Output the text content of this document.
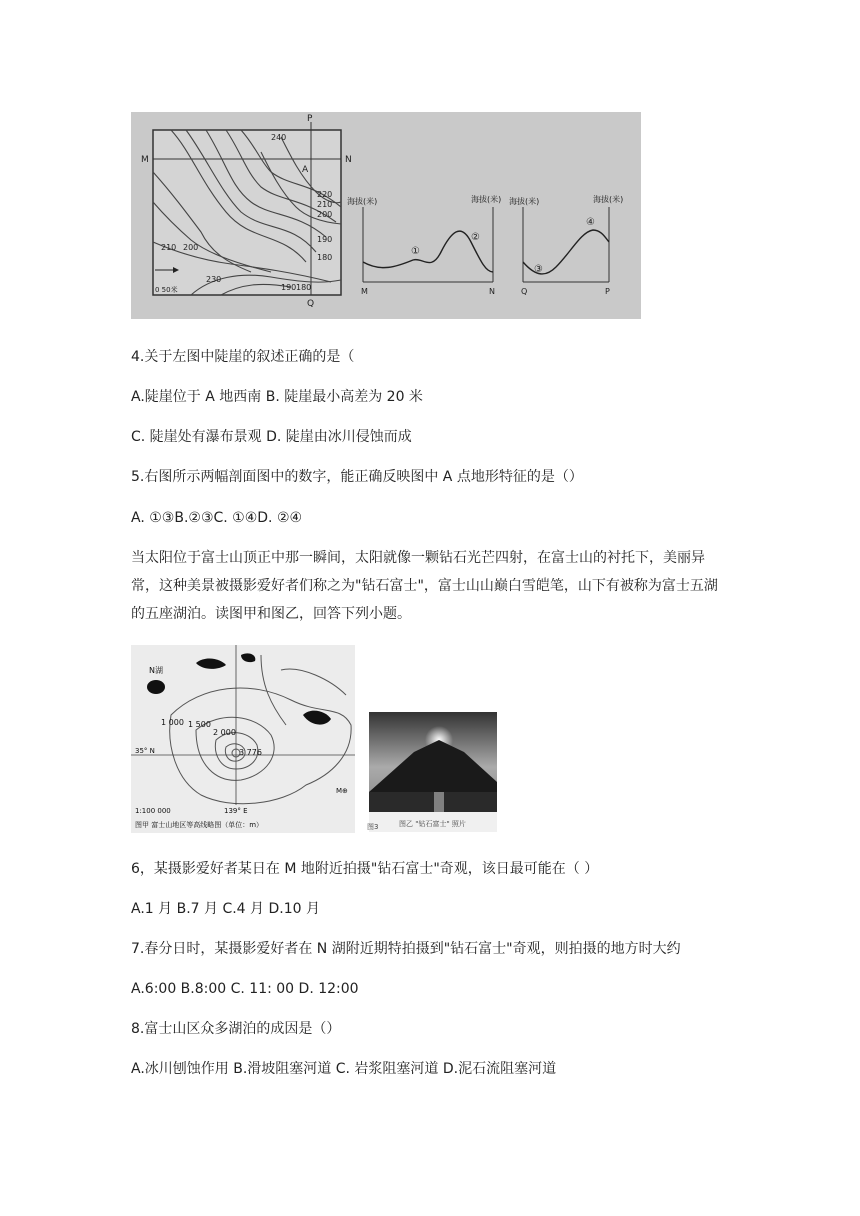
M	N
P
Q
A
240
220
210
200
190
180
210 200
230
190 180
0 50米
海拔(米)	海拔(米)
①
②
M	N
海拔(米)	海拔(米)
③
④
Q	P
4.关于左图中陡崖的叙述正确的是（
A.陡崖位于 A 地西南 B. 陡崖最小高差为 20 米
C. 陡崖处有瀑布景观 D. 陡崖由冰川侵蚀而成
5.右图所示两幅剖面图中的数字，能正确反映图中 A 点地形特征的是（）
A. ①③B.②③C. ①④D. ②④
当太阳位于富士山顶正中那一瞬间，太阳就像一颗钻石光芒四射，在富士山的衬托下，美丽异常，这种美景被摄影爱好者们称之为"钻石富士"，富士山山巅白雪皑笔，山下有被称为富士五湖的五座湖泊。读图甲和图乙，回答下列小题。
N湖
1 000 1 500
2 000
3 776
35° N
139° E
1:100 000
M⊕
图甲 富士山地区等高线略图（单位：m）	图3	图乙 "钻石富士" 照片
6，某摄影爱好者某日在 M 地附近拍摄"钻石富士"奇观，该日最可能在（ ）
A.1 月 B.7 月 C.4 月 D.10 月
7.春分日时，某摄影爱好者在 N 湖附近期特拍摄到"钻石富士"奇观，则拍摄的地方时大约
A.6:00 B.8:00 C. 11: 00 D. 12:00
8.富士山区众多湖泊的成因是（）
A.冰川刨蚀作用 B.滑坡阻塞河道 C. 岩浆阻塞河道 D.泥石流阻塞河道
